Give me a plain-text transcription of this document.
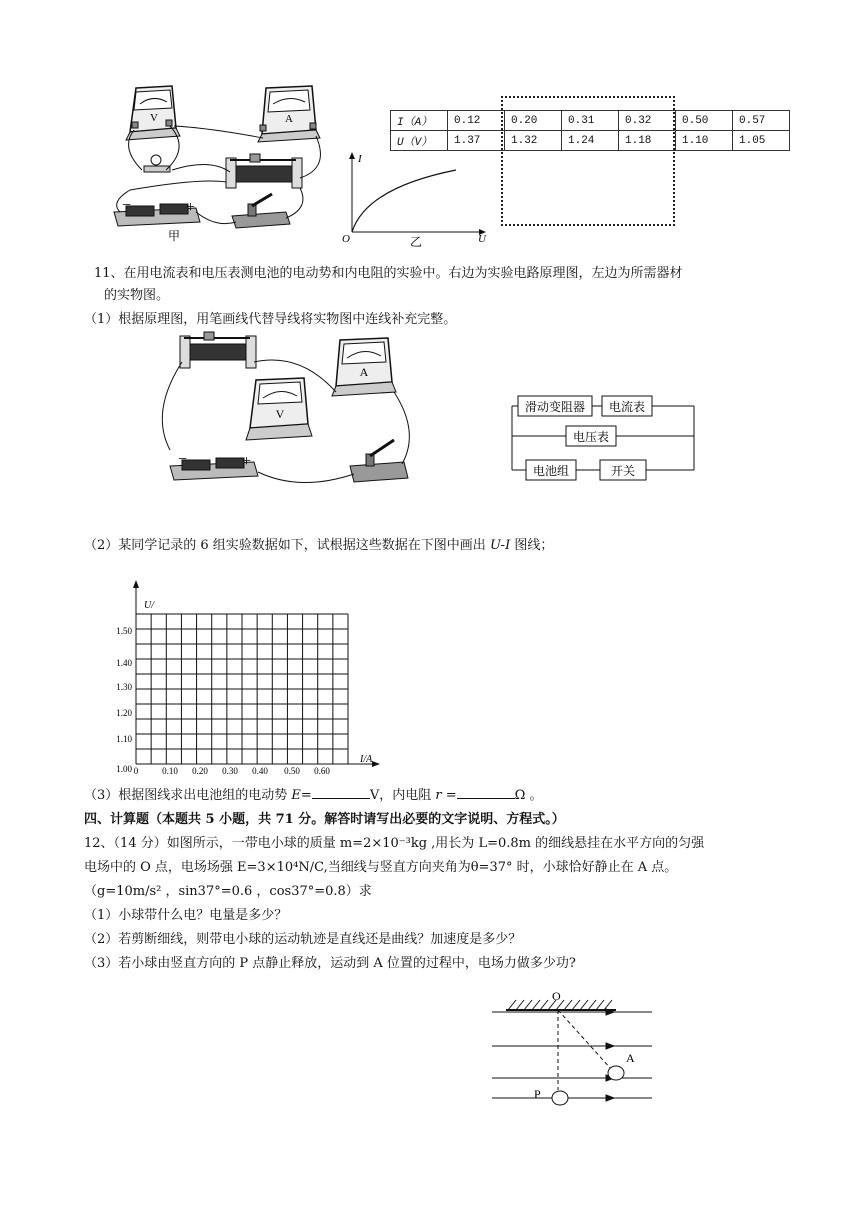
V	A
−	+
甲
I
U
O	乙
I（A）	0.12	0.20	0.31	0.32	0.50	0.57
U（V）	1.37	1.32	1.24	1.18	1.10	1.05
11、在用电流表和电压表测电池的电动势和内电阻的实验中。右边为实验电路原理图，左边为所需器材
的实物图。
（1）根据原理图，用笔画线代替导线将实物图中连线补充完整。
A
V
−	+
滑动变阻器 电流表
电压表
电池组	开关
（2）某同学记录的 6 组实验数据如下，试根据这些数据在下图中画出 U-I 图线；
U/
I/A
1.50
1.40
1.30
1.20
1.10
1.00 0	0.10 0.20 0.30 0.40 0.50 0.60
（3）根据图线求出电池组的电动势 E=	V，内电阻 r =	Ω 。
四、计算题（本题共 5 小题，共 71 分。解答时请写出必要的文字说明、方程式。）
12、（14 分）如图所示，一带电小球的质量 m=2×10⁻³kg ,用长为 L=0.8m 的细线悬挂在水平方向的匀强
电场中的 O 点，电场场强 E=3×10⁴N/C,当细线与竖直方向夹角为θ=37° 时，小球恰好静止在 A 点。
（g=10m/s² ，sin37°=0.6 ，cos37°=0.8）求
（1）小球带什么电？电量是多少？
（2）若剪断细线，则带电小球的运动轨迹是直线还是曲线？加速度是多少？
（3）若小球由竖直方向的 P 点静止释放，运动到 A 位置的过程中，电场力做多少功?
O
A
P
